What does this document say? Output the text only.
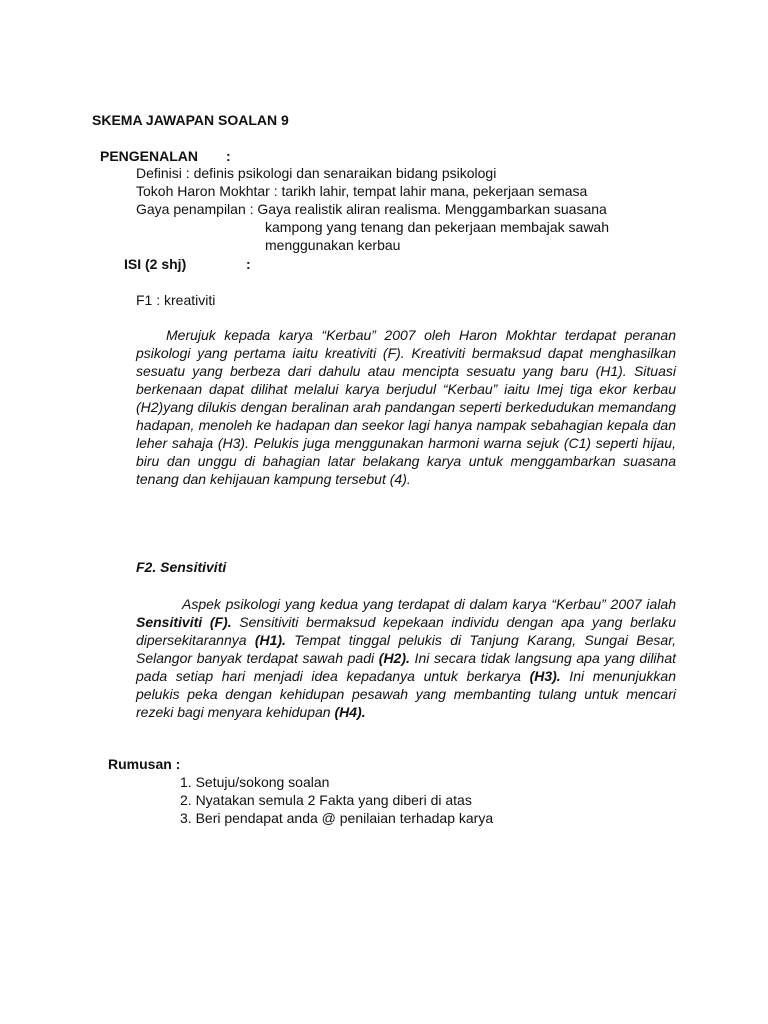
SKEMA JAWAPAN SOALAN 9
PENGENALAN :
Definisi : definis psikologi dan senaraikan bidang psikologi
Tokoh Haron Mokhtar : tarikh lahir, tempat lahir mana, pekerjaan semasa
Gaya penampilan : Gaya realistik aliran realisma. Menggambarkan suasana
kampong yang tenang dan pekerjaan membajak sawah
menggunakan kerbau
ISI (2 shj)	:
F1 : kreativiti
Merujuk kepada karya “Kerbau” 2007 oleh Haron Mokhtar terdapat peranan psikologi yang pertama iaitu kreativiti (F). Kreativiti bermaksud dapat menghasilkan sesuatu yang berbeza dari dahulu atau mencipta sesuatu yang baru (H1). Situasi berkenaan dapat dilihat melalui karya berjudul “Kerbau” iaitu Imej tiga ekor kerbau (H2)yang dilukis dengan beralinan arah pandangan seperti berkedudukan memandang hadapan, menoleh ke hadapan dan seekor lagi hanya nampak sebahagian kepala dan leher sahaja (H3). Pelukis juga menggunakan harmoni warna sejuk (C1) seperti hijau, biru dan unggu di bahagian latar belakang karya untuk menggambarkan suasana tenang dan kehijauan kampung tersebut (4).
F2. Sensitiviti
Aspek psikologi yang kedua yang terdapat di dalam karya “Kerbau” 2007 ialah Sensitiviti (F). Sensitiviti bermaksud kepekaan individu dengan apa yang berlaku dipersekitarannya (H1). Tempat tinggal pelukis di Tanjung Karang, Sungai Besar, Selangor banyak terdapat sawah padi (H2). Ini secara tidak langsung apa yang dilihat pada setiap hari menjadi idea kepadanya untuk berkarya (H3). Ini menunjukkan pelukis peka dengan kehidupan pesawah yang membanting tulang untuk mencari rezeki bagi menyara kehidupan (H4).
Rumusan :
1. Setuju/sokong soalan
2. Nyatakan semula 2 Fakta yang diberi di atas
3. Beri pendapat anda @ penilaian terhadap karya
